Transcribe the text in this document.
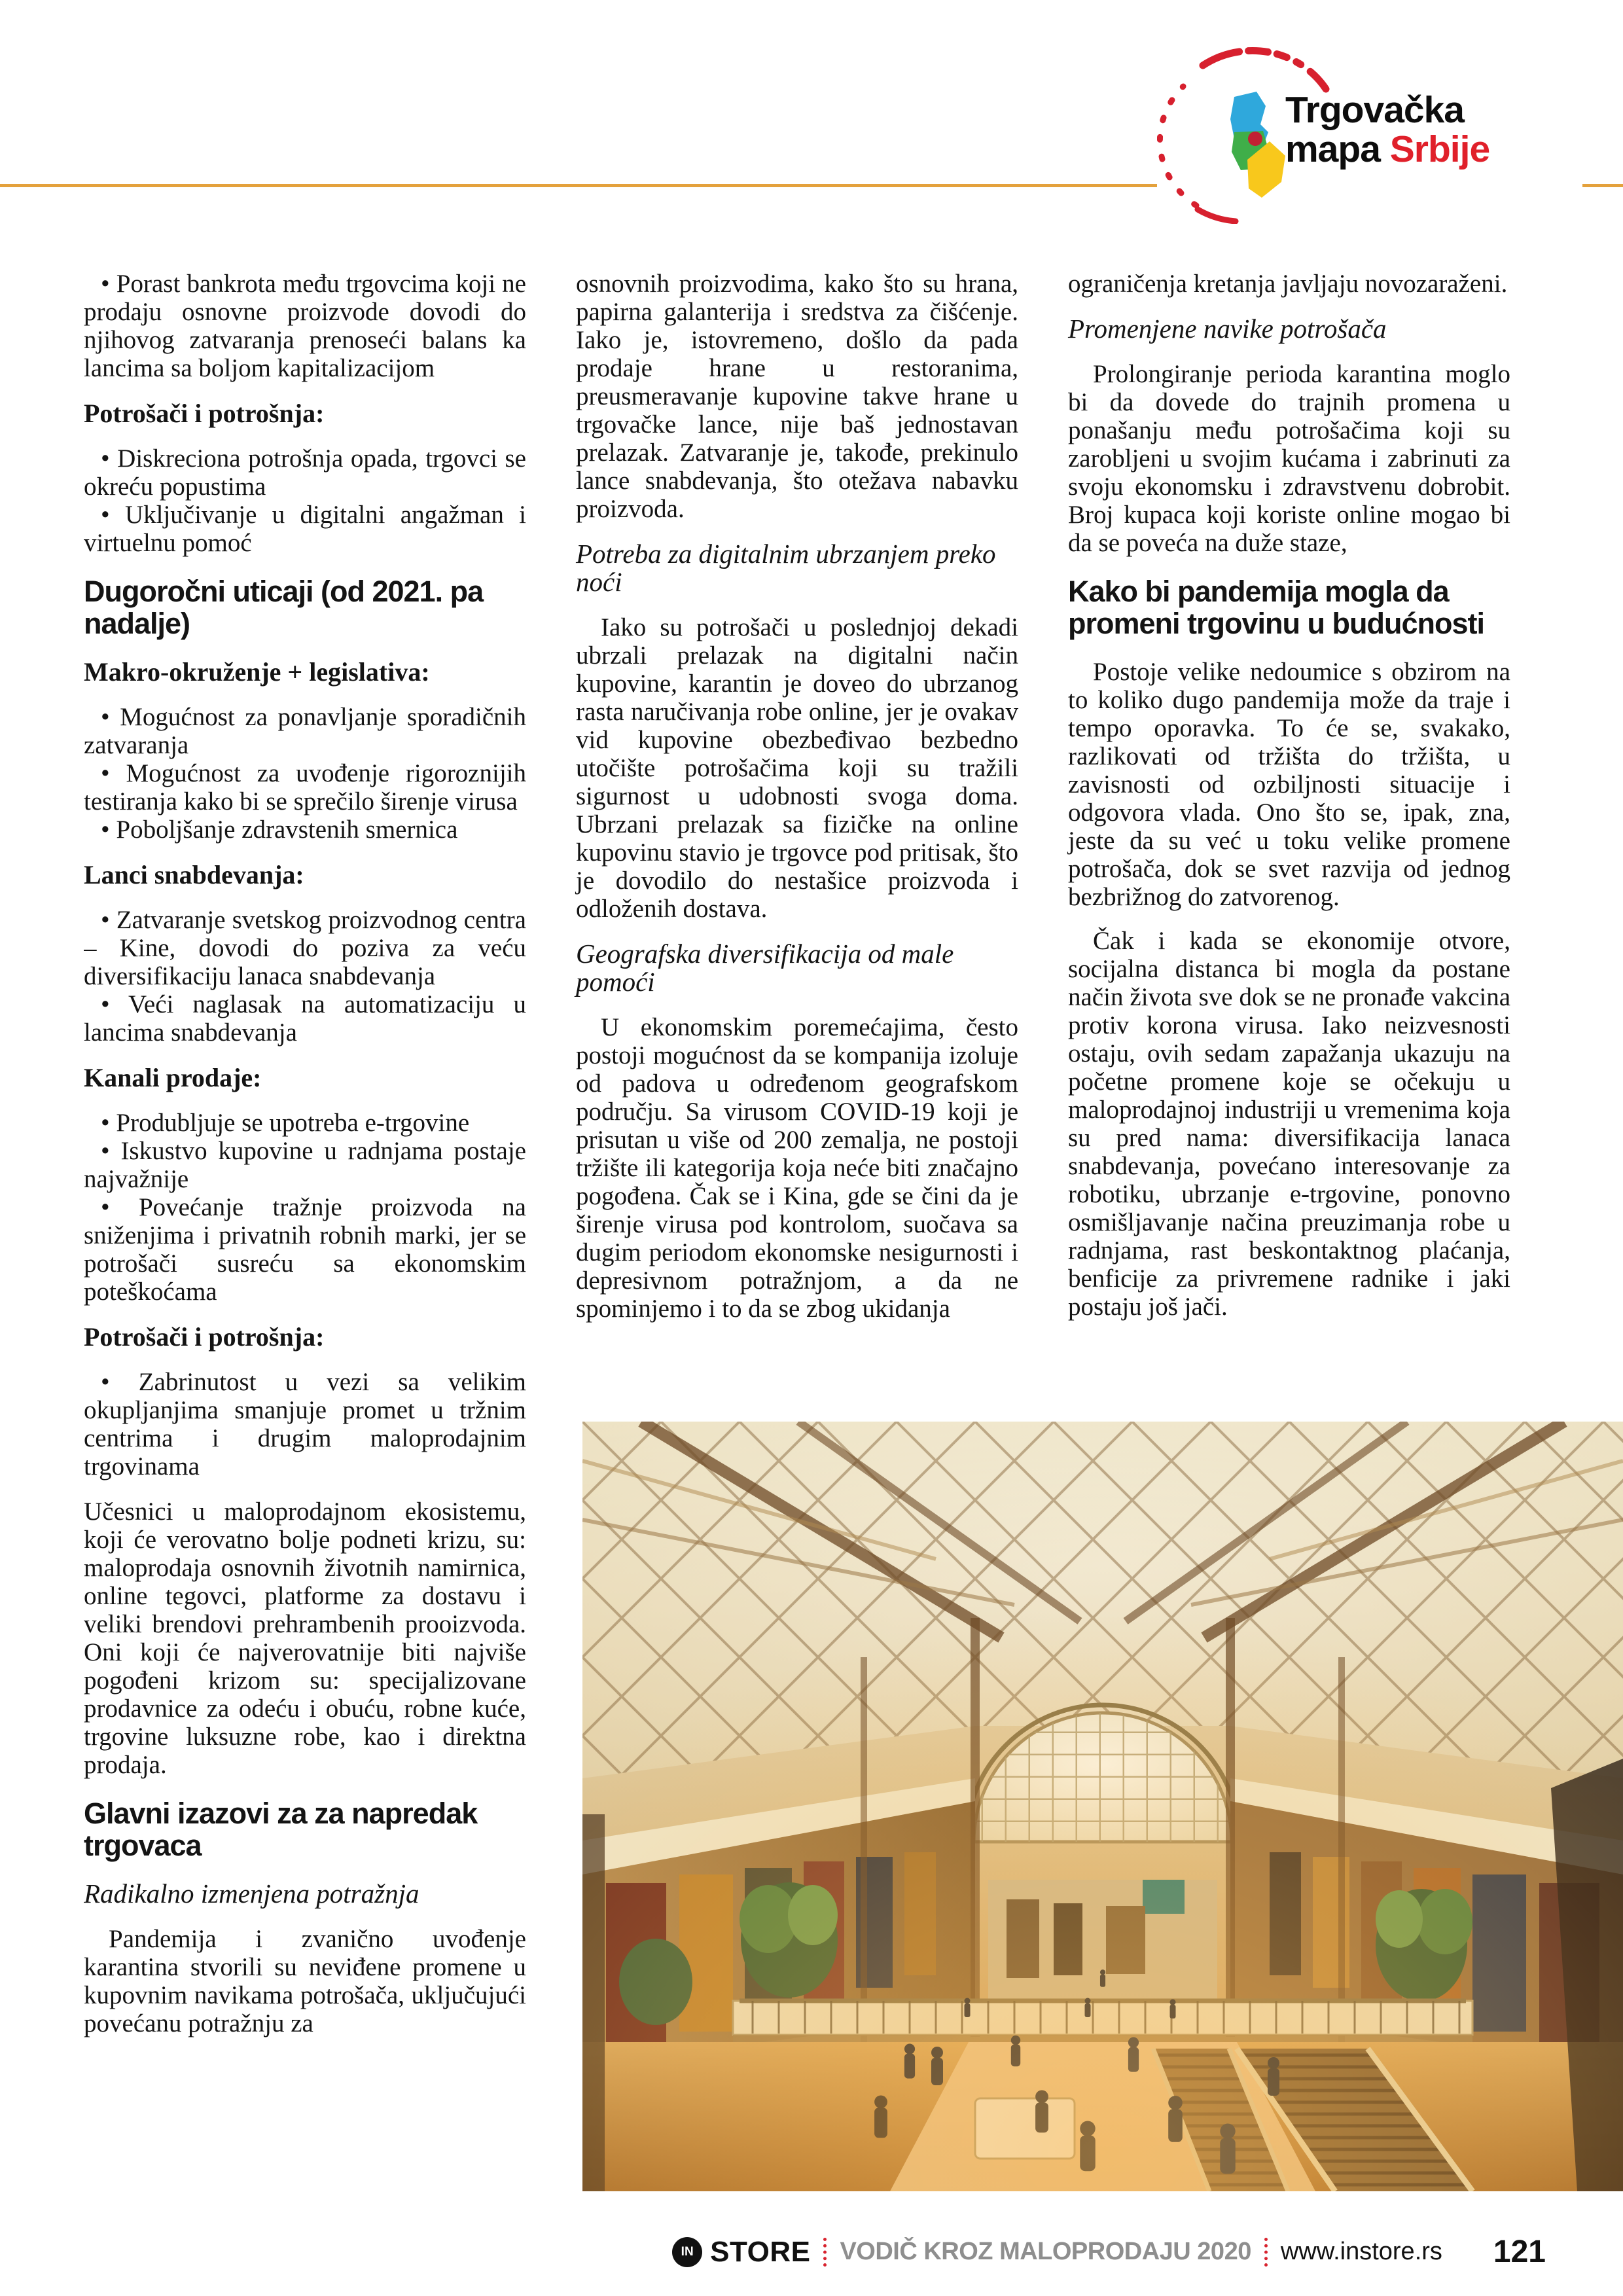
Trgovačka
mapa Srbije

• Porast bankrota među trgovcima koji ne prodaju osnovne proizvode dovodi do njihovog zatvaranja prenoseći balans ka lancima sa boljom kapitalizacijom

Potrošači i potrošnja:

• Diskreciona potrošnja opada, trgovci se okreću popustima

• Uključivanje u digitalni angažman i virtuelnu pomoć

Dugoročni uticaji (od 2021. pa nadalje)

Makro-okruženje + legislativa:

• Mogućnost za ponavljanje sporadičnih zatvaranja

• Mogućnost za uvođenje rigoroznijih testiranja kako bi se sprečilo širenje virusa

• Poboljšanje zdravstenih smernica

Lanci snabdevanja:

• Zatvaranje svetskog proizvodnog centra – Kine, dovodi do poziva za veću diversifikaciju lanaca snabdevanja

• Veći naglasak na automatizaciju u lancima snabdevanja

Kanali prodaje:

• Produbljuje se upotreba e-trgovine

• Iskustvo kupovine u radnjama postaje najvažnije

• Povećanje tražnje proizvoda na sniženjima i privatnih robnih marki, jer se potrošači susreću sa ekonomskim poteškoćama

Potrošači i potrošnja:

• Zabrinutost u vezi sa velikim okupljanjima smanjuje promet u tržnim centrima i drugim maloprodajnim trgovinama

Učesnici u maloprodajnom ekosistemu, koji će verovatno bolje podneti krizu, su: maloprodaja osnovnih životnih namirnica, online tegovci, platforme za dostavu i veliki brendovi prehrambenih prooizvoda. Oni koji će najverovatnije biti najviše pogođeni krizom su: specijalizovane prodavnice za odeću i obuću, robne kuće, trgovine luksuzne robe, kao i direktna prodaja.

Glavni izazovi za za napredak trgovaca

Radikalno izmenjena potražnja

Pandemija i zvanično uvođenje karantina stvorili su neviđene promene u kupovnim navikama potrošača, uključujući povećanu potražnju za

osnovnih proizvodima, kako što su hrana, papirna galanterija i sredstva za čišćenje. Iako je, istovremeno, došlo da pada prodaje hrane u restoranima, preusmeravanje kupovine takve hrane u trgovačke lance, nije baš jednostavan prelazak. Zatvaranje je, takođe, prekinulo lance snabdevanja, što otežava nabavku proizvoda.

Potreba za digitalnim ubrzanjem preko noći

Iako su potrošači u poslednjoj dekadi ubrzali prelazak na digitalni način kupovine, karantin je doveo do ubrzanog rasta naručivanja robe online, jer je ovakav vid kupovine obezbeđivao bezbedno utočište potrošačima koji su tražili sigurnost u udobnosti svoga doma. Ubrzani prelazak sa fizičke na online kupovinu stavio je trgovce pod pritisak, što je dovodilo do nestašice proizvoda i odloženih dostava.

Geografska diversifikacija od male pomoći

U ekonomskim poremećajima, često postoji mogućnost da se kompanija izoluje od padova u određenom geografskom području. Sa virusom COVID-19 koji je prisutan u više od 200 zemalja, ne postoji tržište ili kategorija koja neće biti značajno pogođena. Čak se i Kina, gde se čini da je širenje virusa pod kontrolom, suočava sa dugim periodom ekonomske nesigurnosti i depresivnom potražnjom, a da ne spominjemo i to da se zbog ukidanja

ograničenja kretanja javljaju novozaraženi.

Promenjene navike potrošača

Prolongiranje perioda karantina moglo bi da dovede do trajnih promena u ponašanju među potrošačima koji su zarobljeni u svojim kućama i zabrinuti za svoju ekonomsku i zdravstvenu dobrobit. Broj kupaca koji koriste online mogao bi da se poveća na duže staze,

Kako bi pandemija mogla da promeni trgovinu u budućnosti

Postoje velike nedoumice s obzirom na to koliko dugo pandemija može da traje i tempo oporavka. To će se, svakako, razlikovati od tržišta do tržišta, u zavisnosti od ozbiljnosti situacije i odgovora vlada. Ono što se, ipak, zna, jeste da su već u toku velike promene potrošača, dok se svet razvija od jednog bezbrižnog do zatvorenog.

Čak i kada se ekonomije otvore, socijalna distanca bi mogla da postane način života sve dok se ne pronađe vakcina protiv korona virusa. Iako neizvesnosti ostaju, ovih sedam zapažanja ukazuju na početne promene koje se očekuju u maloprodajnoj industriji u vremenima koja su pred nama: diversifikacija lanaca snabdevanja, povećano interesovanje za robotiku, ubrzanje e-trgovine, ponovno osmišljavanje načina preuzimanja robe u radnjama, rast beskontaktnog plaćanja, benficije za privremene radnike i jaki postaju još jači.

IN STORE VODIČ KROZ MALOPRODAJU 2020 www.instore.rs 121
